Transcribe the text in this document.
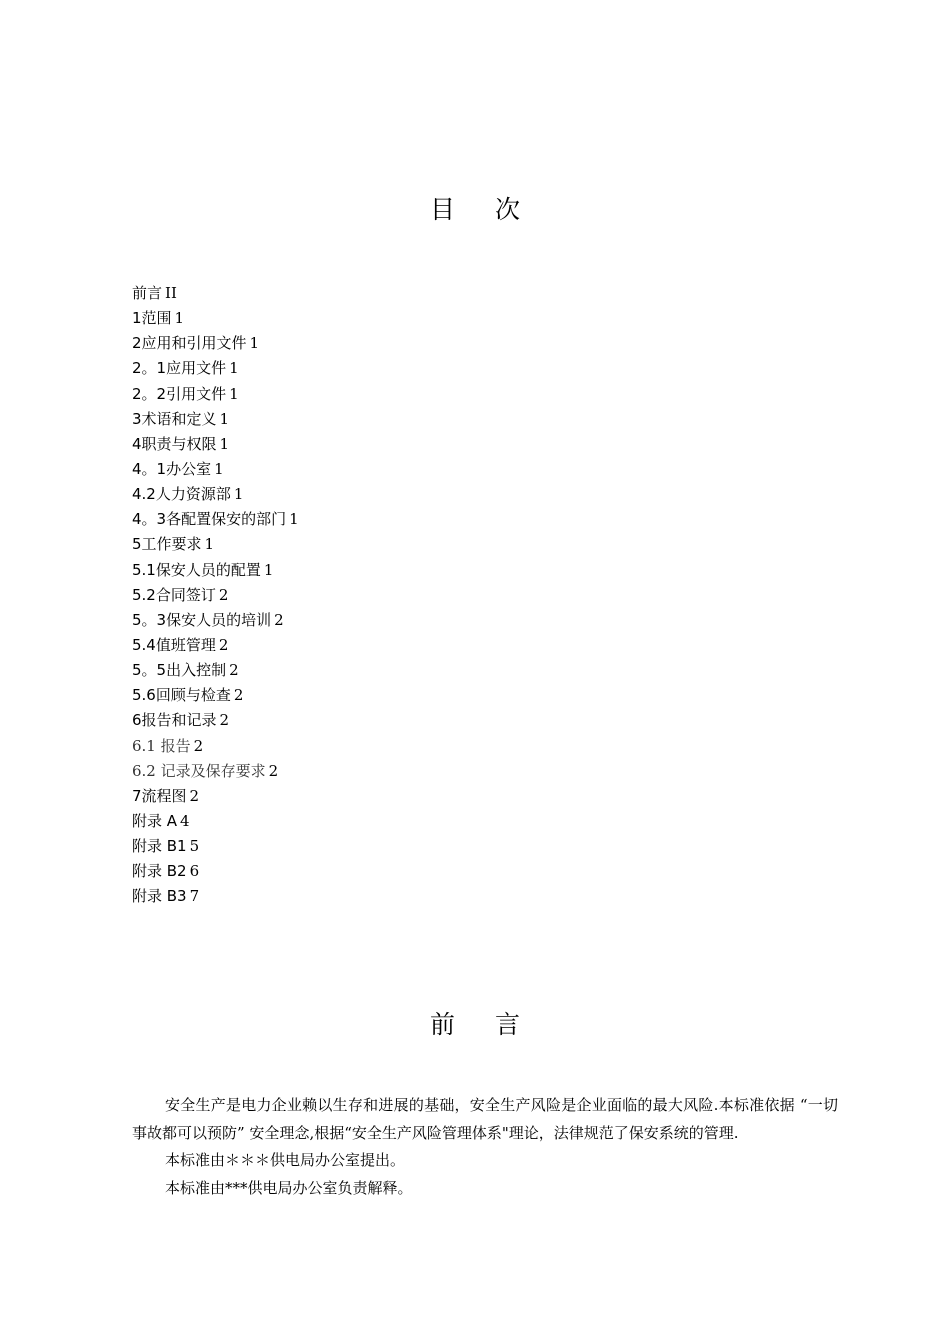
目次
前言 II
1范围 1
2应用和引用文件 1
2。1应用文件 1
2。2引用文件 1
3术语和定义 1
4职责与权限 1
4。1办公室 1
4.2人力资源部 1
4。3各配置保安的部门 1
5工作要求 1
5.1保安人员的配置 1
5.2合同签订 2
5。3保安人员的培训 2
5.4值班管理 2
5。5出入控制 2
5.6回顾与检查 2
6报告和记录 2
6.1 报告 2
6.2 记录及保存要求 2
7流程图 2
附录 A 4
附录 B1 5
附录 B2 6
附录 B3 7
前言

安全生产是电力企业赖以生存和进展的基础，安全生产风险是企业面临的最大风险.本标准依据 “一切事故都可以预防” 安全理念,根据“安全生产风险管理体系"理论，法律规范了保安系统的管理.

本标准由＊＊＊供电局办公室提出。

本标准由***供电局办公室负责解释。
